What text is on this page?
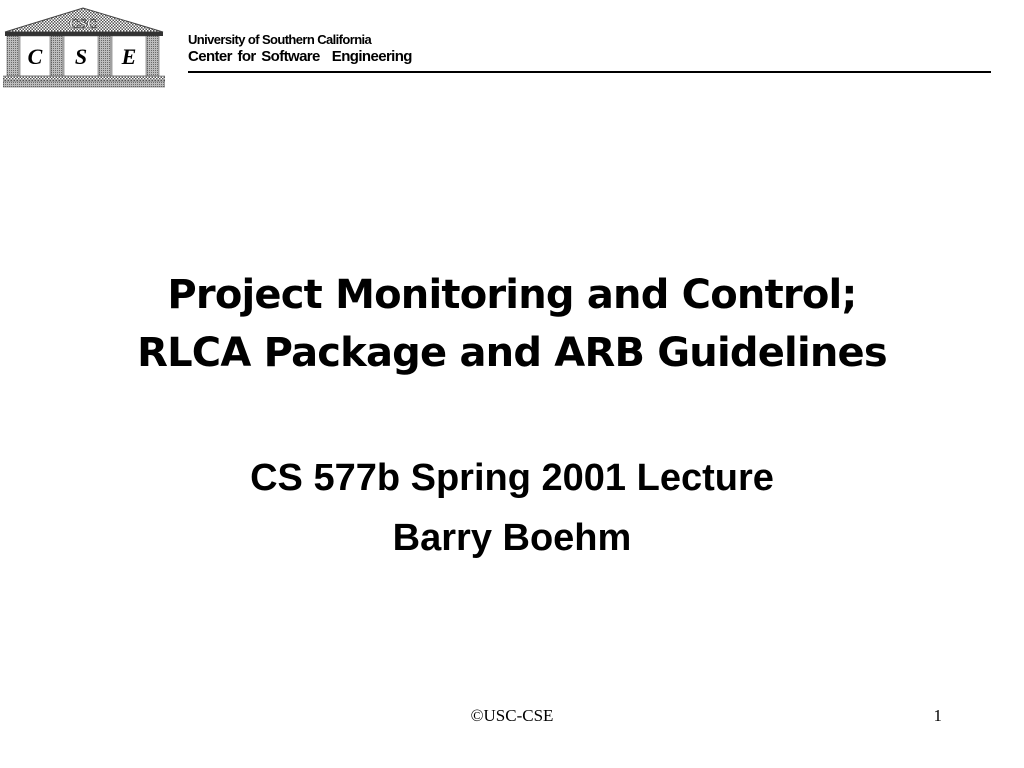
CSC
C S E
University of Southern California
Center for Software Engineering
Project Monitoring and Control;
RLCA Package and ARB Guidelines
CS 577b Spring 2001 Lecture
Barry Boehm
©USC-CSE	1
